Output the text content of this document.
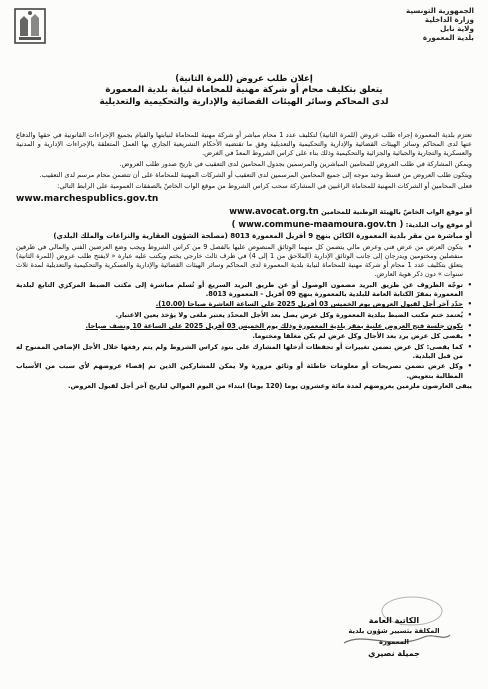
الجمهورية التونسية
وزارة الداخلية
ولاية نابل
بلدية المعمورة
إعلان طلب عروض (للمرة الثانية)
يتعلق بتكليف محام أو شركة مهنية للمحاماة لنيابة بلدية المعمورة
لدى المحاكم وسائر الهيئات القضائية والإدارية والتحكيمية والتعديلية

تعتزم بلدية المعمورة إجراء طلب عروض (للمرة الثانية) لتكليف عدد 1 محام مباشر أو شركة مهنية للمحاماة لنيابتها والقيام بجميع الإجراءات القانونية في حقها والدفاع عنها لدى المحاكم وسائر الهيئات القضائية والإدارية والتحكيمية والتعديلية وفق ما تقتضيه الأحكام التشريعية الجاري بها العمل المتعلقة بالإجراءات الإدارية و المدنية والعسكرية والتجارية والجبائية والجزائية والتحكيمية وذلك بناء على كراس الشروط المعدّ في الغرض.

ويمكن المشاركة في طلب العروض للمحامين المباشرين والمرسمين بجدول المحامين لدى التعقيب في تاريخ صدور طلب العروض.

ويتكون طلب العروض من قسط وحيد موجه إلى جميع المحامين المرسمين لدى التعقيب أو الشركات المهنية للمحاماة على أن تتضمن محام مرسم لدى التعقيب.

فعلى المحامين أو الشركات المهنية للمحاماة الراغبين في المشاركة سحب كراس الشروط من موقع الواب الخاصّ بالصفقات العمومية على الرابط التالي:

www.marchespublics.gov.tn

أو موقع الواب الخاصّ بالهيئة الوطنية للمحامين www.avocat.org.tn

أو موقع واب البلدية: ( www.commune-maamoura.gov.tn )

أو مباشرة من مقر بلدية المعمورة الكائن بنهج 9 أفريل المعمورة 8013 (مصلحة الشؤون العقارية والنزاعات والملك البلدي)

• يتكون العرض من عرض فني وعرض مالي يتضمن كل منهما الوثائق المنصوص عليها بالفصل 9 من كراس الشروط ويجب وضع العرضين الفني والمالي في ظرفين منفصلين ومختومين ويدرجان إلى جانب الوثائق الإدارية (الملاحق من 1 إلى 4) في ظرف ثالث خارجي يختم ويكتب عليه عبارة « لايفتح طلب عروض (للمرة الثانية) يتعلق بتكليف عدد 1 محام أو شركة مهنية للمحاماة لنيابة بلدية المعمورة لدى المحاكم وسائر الهيئات القضائية والإدارية والعسكرية والتحكيمية والتعديلية لمدة ثلاث سنوات » دون ذكر هوية العارض.
• توجّه الظروف عن طريق البريد مضمون الوصول أو عن طريق البريد السريع أو تُسلم مباشرة إلى مكتب الضبط المركزي التابع لبلدية المعمورة بمقرّ الكتابة العامة للبلدية بالمعمورة بنهج 09 أفريل - المعمورة 8013.
• حدّد آخر أجل لقبول العروض يوم الخميس 03 أفريل 2025 على الساعة العاشرة صباحا (10.00).
• يُعتمد ختم مكتب الضبط ببلدية المعمورة وكل عرض يصل بعد الأجل المحدّد يعتبر ملغى ولا يؤخذ بعين الاعتبار.
• تكون جلسة فتح العروض علنية بمقر بلدية المعمورة وذلك يوم الخميس 03 أفريل 2025 على الساعة 10 ونصف صباحا.
• يقصى كل عرض يرد بعد الأجال وكل عرض لم يكن مغلقا ومختوما.
• كما يقصى: كل عرض تضمن تغييرات أو تحفظات أدخلها المشارك على بنود كراس الشروط ولم يتم رفعها خلال الأجل الإضافي الممنوح له من قبل البلدية.
• وكل عرض تضمن تصريحات أو معلومات خاطئة أو وثائق مزورة ولا يمكن للمشاركين الذين تم إقصاء عروضهم لأي سبب من الأسباب المطالبة بتعويض.

يبقى العارضون ملزمين بعروضهم لمدة مائة وعشرون يوما (120 يوما) ابتداء من اليوم الموالي لتاريخ آخر أجل لقبول العروض.

الكاتبة العامة
المكلفة بتسيير شؤون بلدية المعمورة
جميلة نصيري
